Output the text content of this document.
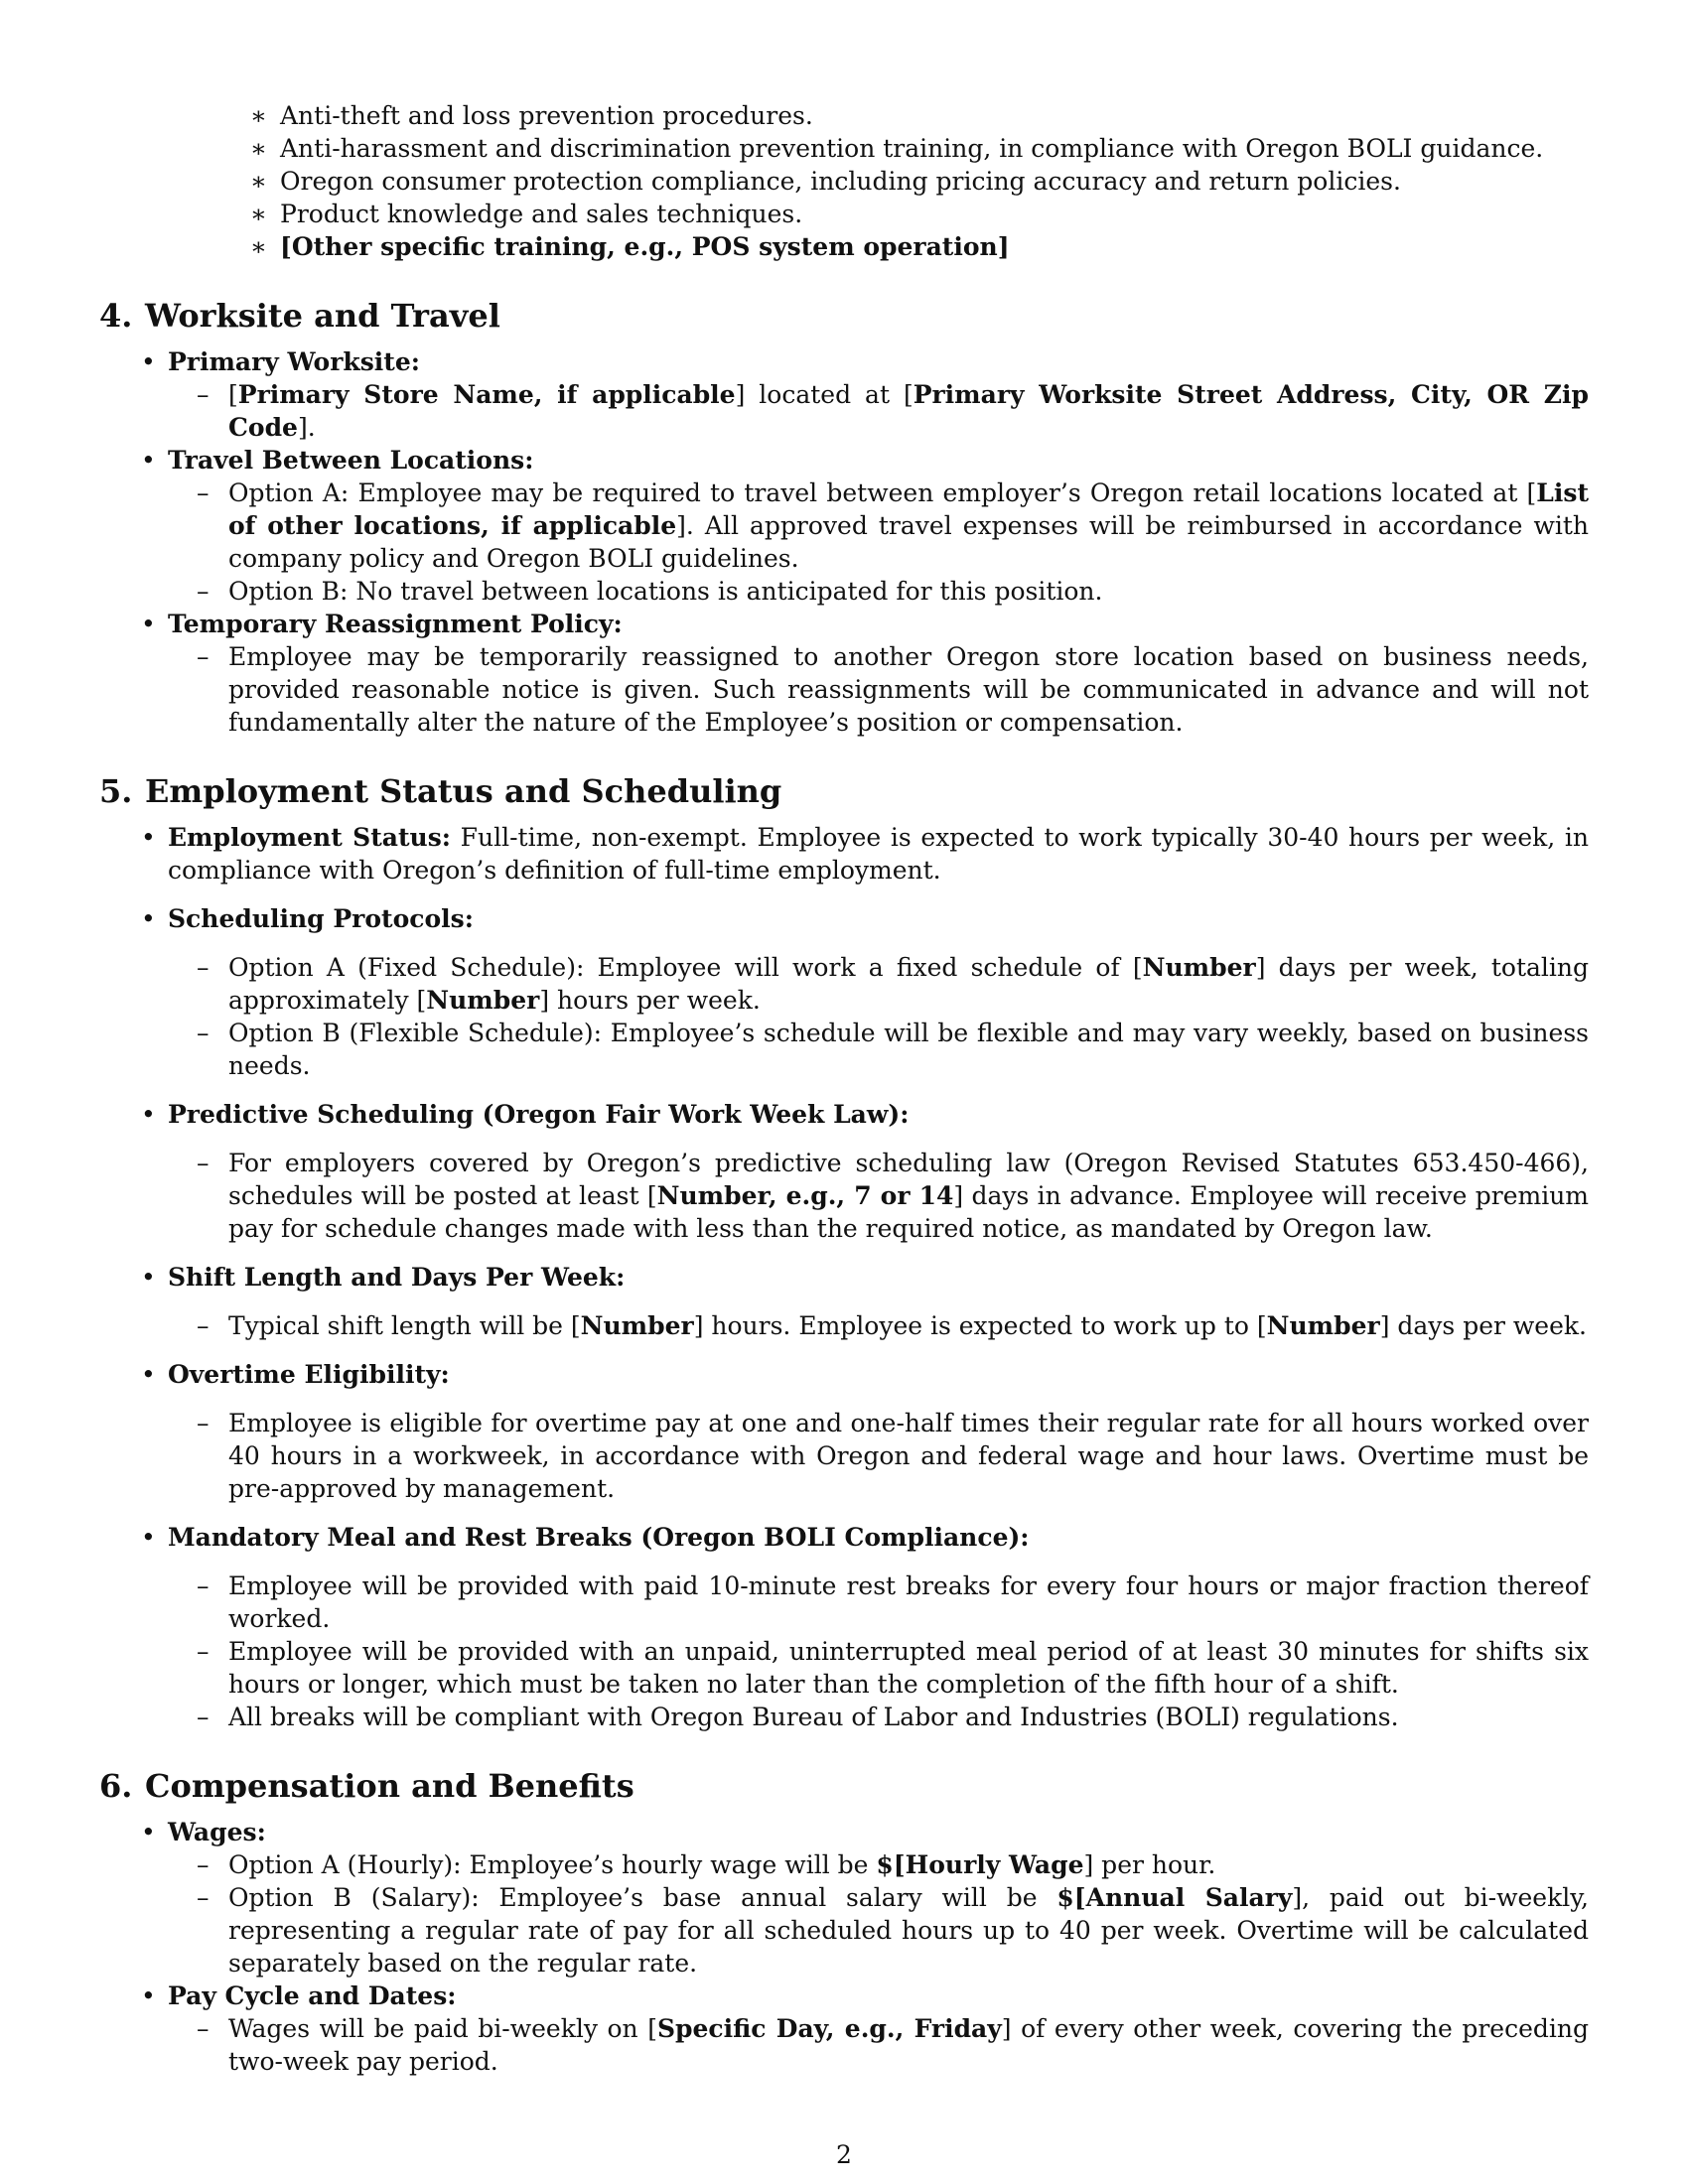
∗ Anti-theft and loss prevention procedures.
∗ Anti-harassment and discrimination prevention training, in compliance with Oregon BOLI guidance.
∗ Oregon consumer protection compliance, including pricing accuracy and return policies.
∗ Product knowledge and sales techniques.
∗ [Other specific training, e.g., POS system operation]
4. Worksite and Travel
• Primary Worksite:
– [Primary Store Name, if applicable] located at [Primary Worksite Street Address, City, OR Zip Code].
• Travel Between Locations:
– Option A: Employee may be required to travel between employer’s Oregon retail locations located at [List of other locations, if applicable]. All approved travel expenses will be reimbursed in accordance with company policy and Oregon BOLI guidelines.
– Option B: No travel between locations is anticipated for this position.
• Temporary Reassignment Policy:
– Employee may be temporarily reassigned to another Oregon store location based on business needs, provided reasonable notice is given. Such reassignments will be communicated in advance and will not fundamentally alter the nature of the Employee’s position or compensation.
5. Employment Status and Scheduling
• Employment Status: Full-time, non-exempt. Employee is expected to work typically 30-40 hours per week, in compliance with Oregon’s definition of full-time employment.
• Scheduling Protocols:
– Option A (Fixed Schedule): Employee will work a fixed schedule of [Number] days per week, totaling approximately [Number] hours per week.
– Option B (Flexible Schedule): Employee’s schedule will be flexible and may vary weekly, based on business needs.
• Predictive Scheduling (Oregon Fair Work Week Law):
– For employers covered by Oregon’s predictive scheduling law (Oregon Revised Statutes 653.450-466), schedules will be posted at least [Number, e.g., 7 or 14] days in advance. Employee will receive premium pay for schedule changes made with less than the required notice, as mandated by Oregon law.
• Shift Length and Days Per Week:
– Typical shift length will be [Number] hours. Employee is expected to work up to [Number] days per week.
• Overtime Eligibility:
– Employee is eligible for overtime pay at one and one-half times their regular rate for all hours worked over 40 hours in a workweek, in accordance with Oregon and federal wage and hour laws. Overtime must be pre-approved by management.
• Mandatory Meal and Rest Breaks (Oregon BOLI Compliance):
– Employee will be provided with paid 10-minute rest breaks for every four hours or major fraction thereof worked.
– Employee will be provided with an unpaid, uninterrupted meal period of at least 30 minutes for shifts six hours or longer, which must be taken no later than the completion of the fifth hour of a shift.
– All breaks will be compliant with Oregon Bureau of Labor and Industries (BOLI) regulations.
6. Compensation and Benefits
• Wages:
– Option A (Hourly): Employee’s hourly wage will be $[Hourly Wage] per hour.
– Option B (Salary): Employee’s base annual salary will be $[Annual Salary], paid out bi-weekly, representing a regular rate of pay for all scheduled hours up to 40 per week. Overtime will be calculated separately based on the regular rate.
• Pay Cycle and Dates:
– Wages will be paid bi-weekly on [Specific Day, e.g., Friday] of every other week, covering the preceding two-week pay period.
2
